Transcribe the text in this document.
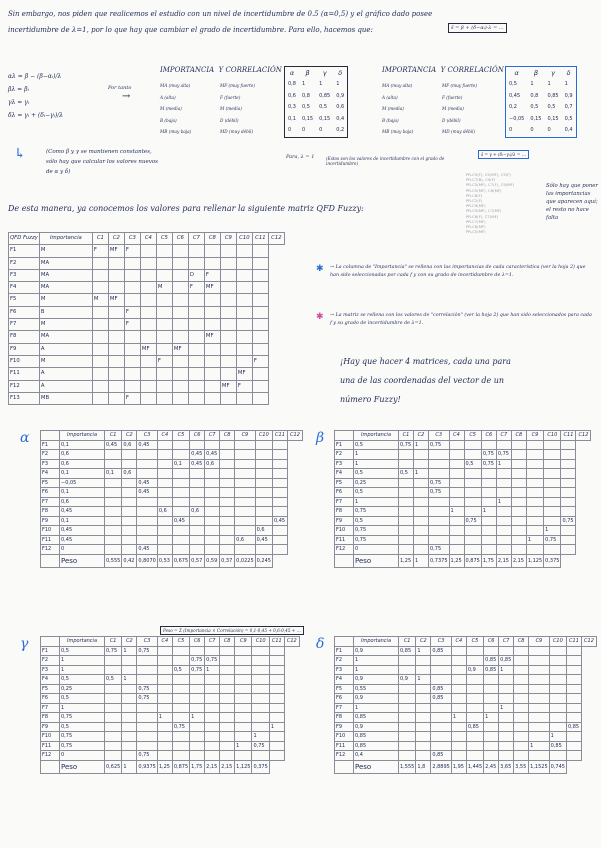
Sin embargo, nos piden que realicemos el estudio con un nivel de incertidumbre de 0.5 (α=0,5) y el gráfico dado posee
incertidumbre de λ=1, por lo que hay que cambiar el grado de incertidumbre. Para ello, hacemos que:	ŝ = β + (δ−αᵢ)·λ = …
αλ = β − (β−αᵢ)/λ
βλ = βᵢ
γλ = γᵢ
δλ = γᵢ + (δᵢ−γᵢ)/λ
Por tanto
→
↳	(Como β y γ se mantienen constantes,
sólo hay que calcular los valores nuevos
de α y δ)
IMPORTANCIA Y CORRELACIÓN
MA (muy alta)	MF (muy fuerte)
A (alta)	F (fuerte)
M (media)	M (media)
B (baja)	D (débil)
MB (muy baja)	MD (muy débil)
α	β	γ	δ
0,8	1	1	1
0,6	0,8	0,85	0,9
0,3	0,5	0,5	0,6
0,1	0,15	0,15	0,4
0	0	0	0,2
Para, λ = 1	(Estos son los valores de incertidumbre con el grado de incertidumbre)
IMPORTANCIA Y CORRELACIÓN
MA (muy alta)	MF (muy fuerte)
A (alta)	F (fuerte)
M (media)	M (media)
B (baja)	D (débil)
MB (muy baja)	MD (muy débil)
α	β	γ	δ
0,5	1	1	1
0,45	0,8	0,85	0,9
0,2	0,5	0,5	0,7
−0,05	0,15	0,15	0,5
0	0	0	0,4
ŝ = γ + (δᵢ−γᵢ)/λ = …
De esta manera, ya conocemos los valores para rellenar la siguiente matriz QFD Fuzzy:
PR-C5(F), C5(MF), C5(F)
PR-C7(B), C9(F)
PR-C5(MF), C7(F), C9(MF)
PR-C5(MF), C6(MF)
PR-C8(F)
PR-C2(F)
PR-C9(MF)
PR-C5(MF), C7(MF)
PR-C6(F), C7(MF)
PR-C7(MF)
PR-C8(MF)
PR-C5(MF)
Sólo hay que poner las importancias que aparecen aquí; el resto no hace falta
QFD Fuzzy	Importancia	C1	C2	C3	C4	C5	C6	C7	C8	C9	C10	C11	C12
F1	M	F	MF	F									
F2	MA												
F3	MA							D	F				
F4	MA					M		F	MF				
F5	M	M	MF										
F6	B			F									
F7	M			F									
F8	MA								MF				
F9	A				MF		MF						
F10	M					F						F	
F11	A										MF		
F12	A									MF	F		
F13	MB			F									
✱ → La columna de "Importancia" se rellena con las importancias de cada característica (ver la hoja 2) que han sido seleccionadas por cada f y con su grado de incertidumbre de λ=1.
✱ → La matriz se rellena con los valores de "correlación" (ver la hoja 2) que han sido seleccionados para cada f y su grado de incertidumbre de λ=1.
¡Hay que hacer 4 matrices, cada una para
una de las coordenadas del vector de un
número Fuzzy!
α
		Importancia	C1	C2	C3	C4	C5	C6	C7	C8	C9	C10	C11	C12
F1	0,1	0,45	0,6	0,45									
F2	0,6						0,45	0,45					
F3	0,6					0,1	0,45	0,6					
F4	0,1	0,1	0,6										
F5	−0,05			0,45									
F6	0,1			0,45									
F7	0,6												
F8	0,45				0,6		0,6						
F9	0,1					0,45						0,45	
F10	0,45										0,6		
F11	0,45									0,6	0,45		
F12	0			0,45									
	Peso	0,555	0,42	0,8070	0,53	0,675	0,57	0,59	0,37	0,0225	0,245		
Peso = Σ (Importancia × Correlación) = 0,1·0,45 + 0,6·0,45 + …
β
		Importancia	C1	C2	C3	C4	C5	C6	C7	C8	C9	C10	C11	C12
F1	0,5	0,75	1	0,75									
F2	1						0,75	0,75					
F3	1					0,5	0,75	1					
F4	0,5	0,5	1										
F5	0,25			0,75									
F6	0,5			0,75									
F7	1							1					
F8	0,75				1		1						
F9	0,5					0,75						0,75	
F10	0,75										1		
F11	0,75									1	0,75		
F12	0			0,75									
	Peso	1,25	1	0,7375	1,25	0,875	1,75	2,15	2,15	1,125	0,375		
γ
		Importancia	C1	C2	C3	C4	C5	C6	C7	C8	C9	C10	C11	C12
F1	0,5	0,75	1	0,75									
F2	1						0,75	0,75					
F3	1					0,5	0,75	1					
F4	0,5	0,5	1										
F5	0,25			0,75									
F6	0,5			0,75									
F7	1												
F8	0,75				1		1						
F9	0,5					0,75						1	
F10	0,75										1		
F11	0,75									1	0,75		
F12	0			0,75									
	Peso	0,625	1	0,9375	1,25	0,875	1,75	2,15	2,15	1,125	0,375		
δ
		Importancia	C1	C2	C3	C4	C5	C6	C7	C8	C9	C10	C11	C12
F1	0,9	0,85	1	0,85									
F2	1						0,85	0,85					
F3	1					0,9	0,85	1					
F4	0,9	0,9	1										
F5	0,55			0,85									
F6	0,9			0,85									
F7	1							1					
F8	0,85				1		1						
F9	0,9					0,85						0,85	
F10	0,85										1		
F11	0,85									1	0,85		
F12	0,4			0,85									
	Peso	1,555	1,8	2,8895	1,95	1,445	2,45	3,65	3,55	1,1525	0,745		
